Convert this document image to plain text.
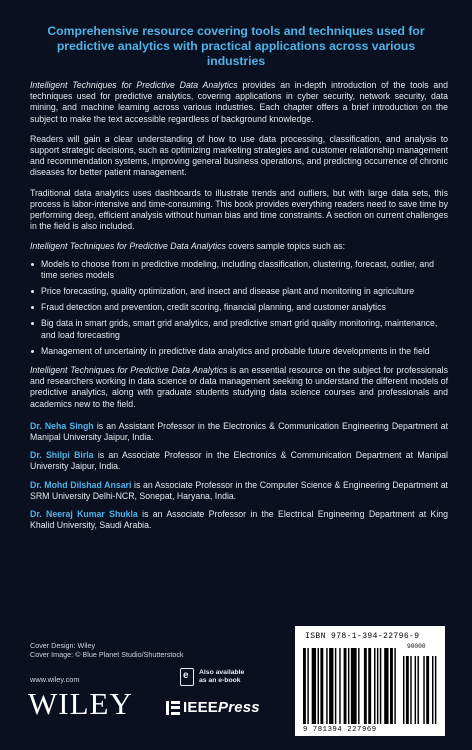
Comprehensive resource covering tools and techniques used for predictive analytics with practical applications across various industries

Intelligent Techniques for Predictive Data Analytics provides an in-depth introduction of the tools and techniques used for predictive analytics, covering applications in cyber security, network security, data mining, and machine learning across various industries. Each chapter offers a brief introduction on the subject to make the text accessible regardless of background knowledge.

Readers will gain a clear understanding of how to use data processing, classification, and analysis to support strategic decisions, such as optimizing marketing strategies and customer relationship management and recommendation systems, improving general business operations, and predicting occurrence of chronic diseases for better patient management.

Traditional data analytics uses dashboards to illustrate trends and outliers, but with large data sets, this process is labor-intensive and time-consuming. This book provides everything readers need to save time by performing deep, efficient analysis without human bias and time constraints. A section on current challenges in the field is also included.

Intelligent Techniques for Predictive Data Analytics covers sample topics such as:

Models to choose from in predictive modeling, including classification, clustering, forecast, outlier, and time series models
Price forecasting, quality optimization, and insect and disease plant and monitoring in agriculture
Fraud detection and prevention, credit scoring, financial planning, and customer analytics
Big data in smart grids, smart grid analytics, and predictive smart grid quality monitoring, maintenance, and load forecasting
Management of uncertainty in predictive data analytics and probable future developments in the field

Intelligent Techniques for Predictive Data Analytics is an essential resource on the subject for professionals and researchers working in data science or data management seeking to understand the different models of predictive analytics, along with graduate students studying data science courses and professionals and academics new to the field.

Dr. Neha Singh is an Assistant Professor in the Electronics & Communication Engineering Department at Manipal University Jaipur, India.
Dr. Shilpi Birla is an Associate Professor in the Electronics & Communication Department at Manipal University Jaipur, India.
Dr. Mohd Dilshad Ansari is an Associate Professor in the Computer Science & Engineering Department at SRM University Delhi-NCR, Sonepat, Haryana, India.
Dr. Neeraj Kumar Shukla is an Associate Professor in the Electrical Engineering Department at King Khalid University, Saudi Arabia.
Cover Design: Wiley
Cover Image: © Blue Planet Studio/Shutterstock
www.wiley.com
WILEY
e
Also available
as an e-book
IEEEPress
ISBN 978-1-394-22796-9
90000
9 781394 227969
